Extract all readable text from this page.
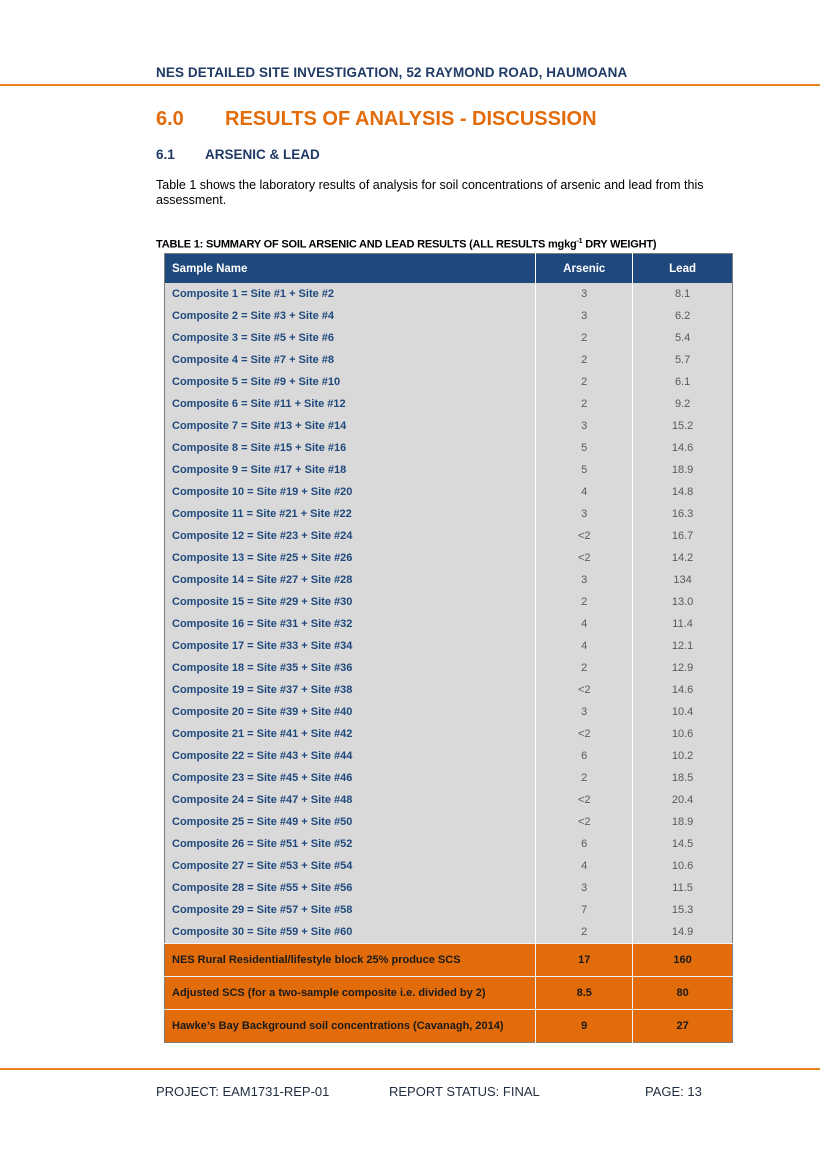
NES DETAILED SITE INVESTIGATION, 52 RAYMOND ROAD, HAUMOANA
6.0 RESULTS OF ANALYSIS - DISCUSSION
6.1 ARSENIC & LEAD
Table 1 shows the laboratory results of analysis for soil concentrations of arsenic and lead from this assessment.
TABLE 1: SUMMARY OF SOIL ARSENIC AND LEAD RESULTS (ALL RESULTS mgkg$^{-1}$ DRY WEIGHT)
Sample Name	Arsenic	Lead
Composite 1 = Site #1 + Site #2	3	8.1
Composite 2 = Site #3 + Site #4	3	6.2
Composite 3 = Site #5 + Site #6	2	5.4
Composite 4 = Site #7 + Site #8	2	5.7
Composite 5 = Site #9 + Site #10	2	6.1
Composite 6 = Site #11 + Site #12	2	9.2
Composite 7 = Site #13 + Site #14	3	15.2
Composite 8 = Site #15 + Site #16	5	14.6
Composite 9 = Site #17 + Site #18	5	18.9
Composite 10 = Site #19 + Site #20	4	14.8
Composite 11 = Site #21 + Site #22	3	16.3
Composite 12 = Site #23 + Site #24	<2	16.7
Composite 13 = Site #25 + Site #26	<2	14.2
Composite 14 = Site #27 + Site #28	3	134
Composite 15 = Site #29 + Site #30	2	13.0
Composite 16 = Site #31 + Site #32	4	11.4
Composite 17 = Site #33 + Site #34	4	12.1
Composite 18 = Site #35 + Site #36	2	12.9
Composite 19 = Site #37 + Site #38	<2	14.6
Composite 20 = Site #39 + Site #40	3	10.4
Composite 21 = Site #41 + Site #42	<2	10.6
Composite 22 = Site #43 + Site #44	6	10.2
Composite 23 = Site #45 + Site #46	2	18.5
Composite 24 = Site #47 + Site #48	<2	20.4
Composite 25 = Site #49 + Site #50	<2	18.9
Composite 26 = Site #51 + Site #52	6	14.5
Composite 27 = Site #53 + Site #54	4	10.6
Composite 28 = Site #55 + Site #56	3	11.5
Composite 29 = Site #57 + Site #58	7	15.3
Composite 30 = Site #59 + Site #60	2	14.9
NES Rural Residential/lifestyle block 25% produce SCS	17	160
Adjusted SCS (for a two-sample composite i.e. divided by 2)	8.5	80
Hawke’s Bay Background soil concentrations (Cavanagh, 2014)	9	27
PROJECT: EAM1731-REP-01	REPORT STATUS: FINAL	PAGE: 13
